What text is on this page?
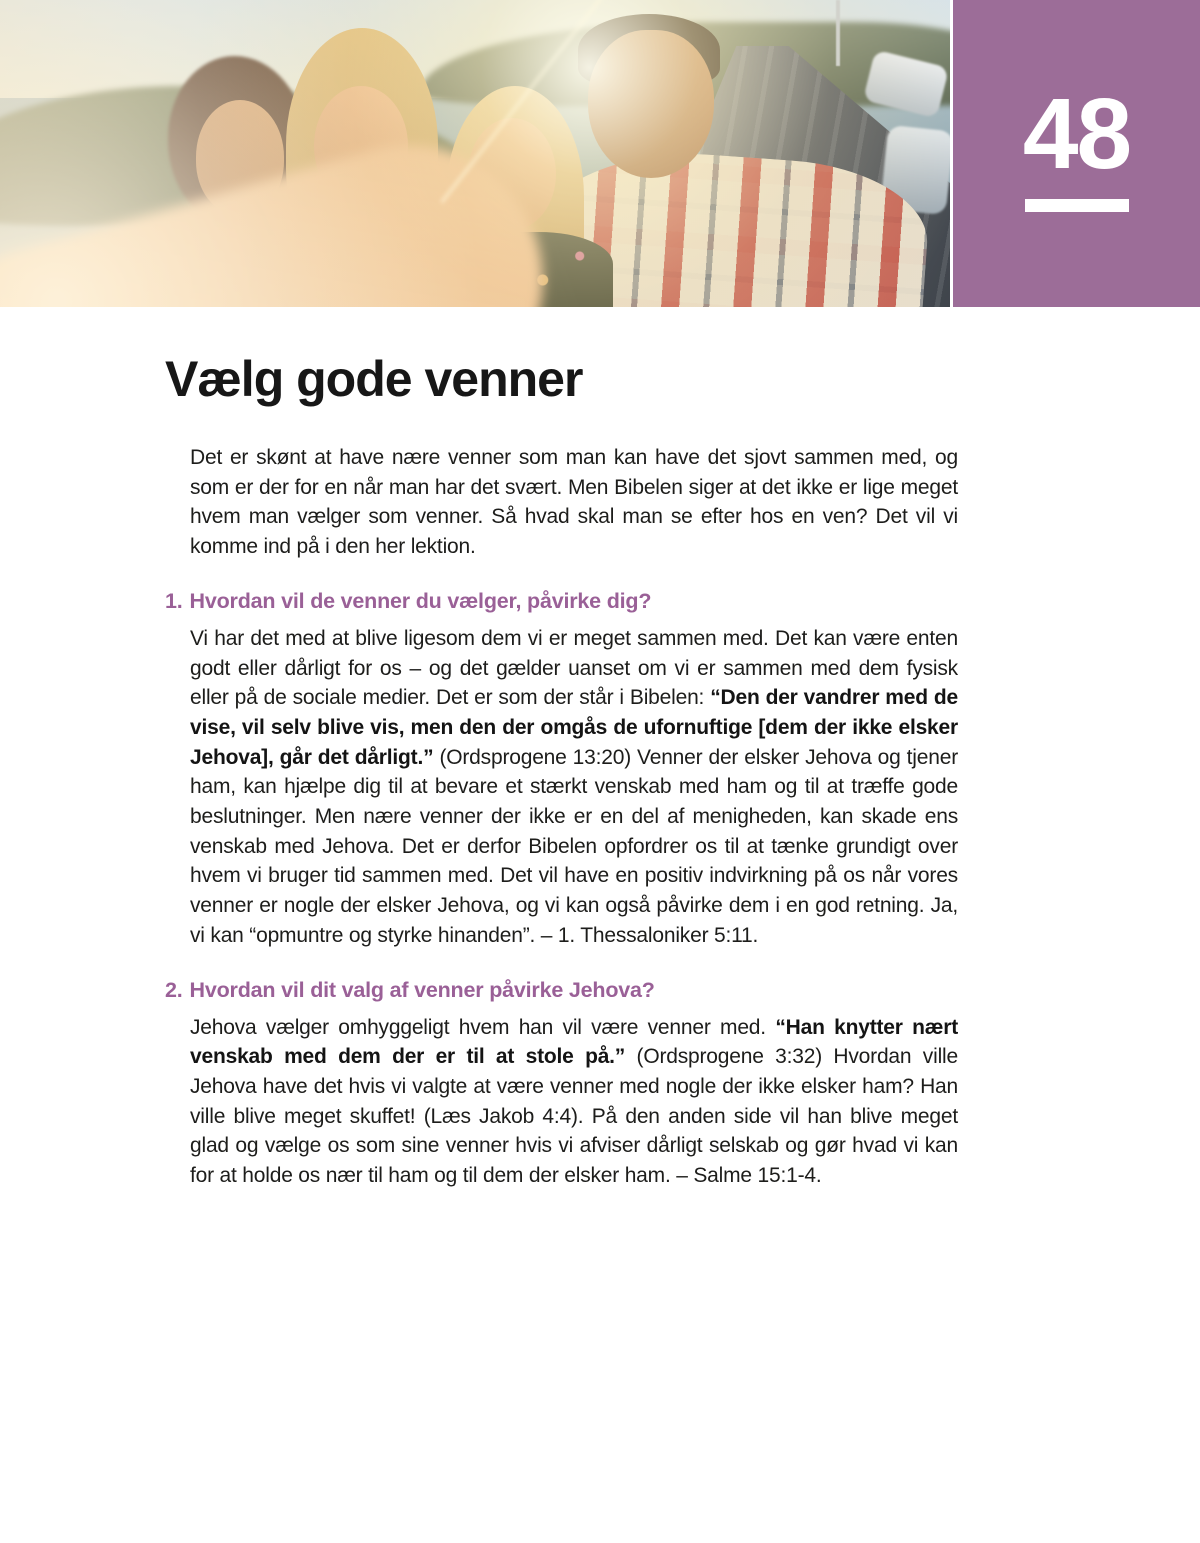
48
Vælg gode venner

Det er skønt at have nære venner som man kan have det sjovt sammen med, og som er der for en når man har det svært. Men Bibelen siger at det ikke er lige meget hvem man vælger som venner. Så hvad skal man se efter hos en ven? Det vil vi komme ind på i den her lektion.

1. Hvordan vil de venner du vælger, påvirke dig?

Vi har det med at blive ligesom dem vi er meget sammen med. Det kan være enten godt eller dårligt for os – og det gælder uanset om vi er sammen med dem fysisk eller på de sociale medier. Det er som der står i Bibelen: “Den der vandrer med de vise, vil selv blive vis, men den der omgås de ufornuftige [dem der ikke elsker Jehova], går det dårligt.” (Ordsprogene 13:20) Venner der elsker Jehova og tjener ham, kan hjælpe dig til at bevare et stærkt venskab med ham og til at træffe gode beslutninger. Men nære venner der ikke er en del af menigheden, kan skade ens venskab med Jehova. Det er derfor Bibelen opfordrer os til at tænke grundigt over hvem vi bruger tid sammen med. Det vil have en positiv indvirkning på os når vores venner er nogle der elsker Jehova, og vi kan også påvirke dem i en god retning. Ja, vi kan “opmuntre og styrke hinanden”. – 1. Thessaloniker 5:11.

2. Hvordan vil dit valg af venner påvirke Jehova?

Jehova vælger omhyggeligt hvem han vil være venner med. “Han knytter nært venskab med dem der er til at stole på.” (Ordsprogene 3:32) Hvordan ville Jehova have det hvis vi valgte at være venner med nogle der ikke elsker ham? Han ville blive meget skuffet! (Læs Jakob 4:4). På den anden side vil han blive meget glad og vælge os som sine venner hvis vi afviser dårligt selskab og gør hvad vi kan for at holde os nær til ham og til dem der elsker ham. – Salme 15:1-4.
